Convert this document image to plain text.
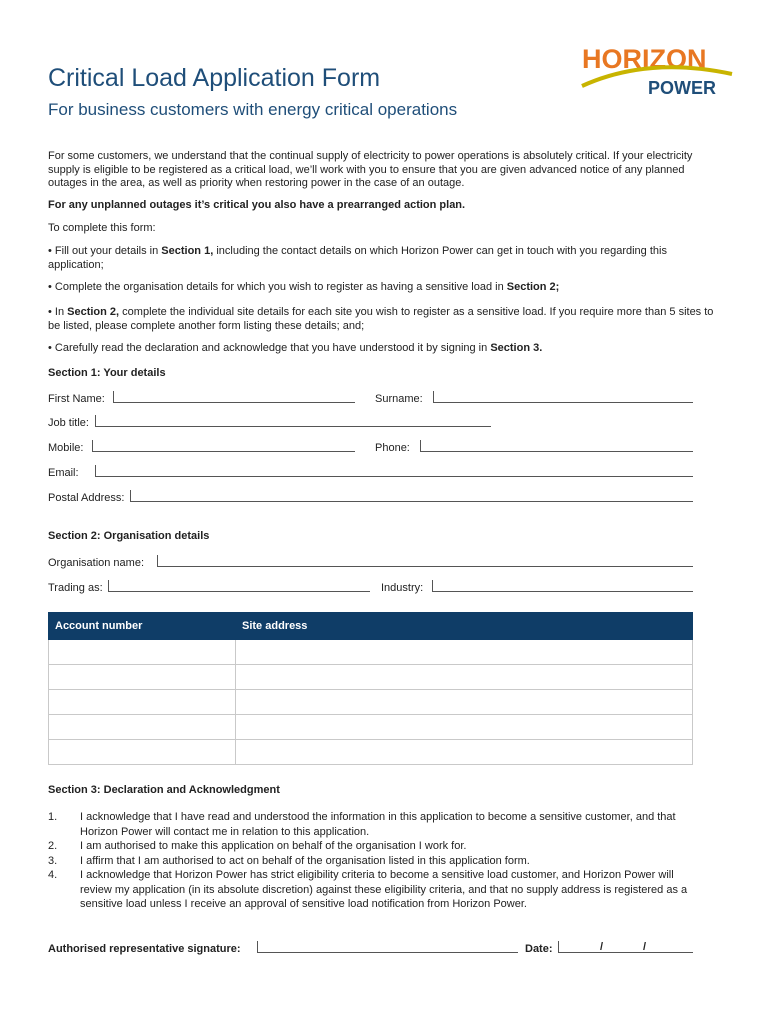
HORIZON
POWER
Critical Load Application Form
For business customers with energy critical operations
For some customers, we understand that the continual supply of electricity to power operations is absolutely critical. If your electricity supply is eligible to be registered as a critical load, we’ll work with you to ensure that you are given advanced notice of any planned outages in the area, as well as priority when restoring power in the case of an outage.
For any unplanned outages it’s critical you also have a prearranged action plan.
To complete this form:
• Fill out your details in Section 1, including the contact details on which Horizon Power can get in touch with you regarding this application;
• Complete the organisation details for which you wish to register as having a sensitive load in Section 2;
• In Section 2, complete the individual site details for each site you wish to register as a sensitive load. If you require more than 5 sites to be listed, please complete another form listing these details; and;
• Carefully read the declaration and acknowledge that you have understood it by signing in Section 3.
Section 1: Your details
First Name:	Surname:
Job title:
Mobile:	Phone:
Email:
Postal Address:
Section 2: Organisation details
Organisation name:
Trading as:	Industry:
Account number	Site address

Section 3: Declaration and Acknowledgment
1. I acknowledge that I have read and understood the information in this application to become a sensitive customer, and that Horizon Power will contact me in relation to this application.
2. I am authorised to make this application on behalf of the organisation I work for.
3. I affirm that I am authorised to act on behalf of the organisation listed in this application form.
4. I acknowledge that Horizon Power has strict eligibility criteria to become a sensitive load customer, and Horizon Power will review my application (in its absolute discretion) against these eligibility criteria, and that no supply address is registered as a sensitive load unless I receive an approval of sensitive load notification from Horizon Power.
Authorised representative signature:	Date:	/	/
